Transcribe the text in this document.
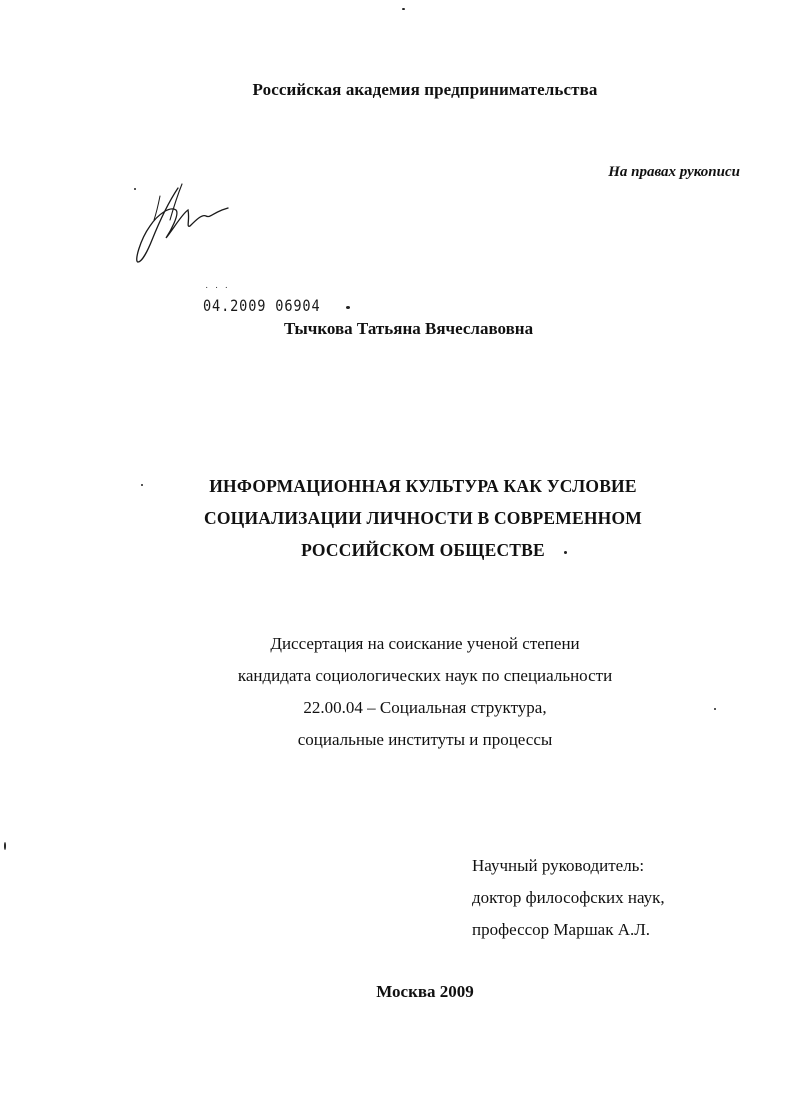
Российская академия предпринимательства
На правах рукописи
˙ ˙ ˙
04.2009 06904
Тычкова Татьяна Вячеславовна
ИНФОРМАЦИОННАЯ КУЛЬТУРА КАК УСЛОВИЕ
СОЦИАЛИЗАЦИИ ЛИЧНОСТИ В СОВРЕМЕННОМ
РОССИЙСКОМ ОБЩЕСТВЕ
Диссертация на соискание ученой степени
кандидата социологических наук по специальности
22.00.04 – Социальная структура,
социальные институты и процессы
Научный руководитель:
доктор философских наук,
профессор Маршак А.Л.
Москва 2009
